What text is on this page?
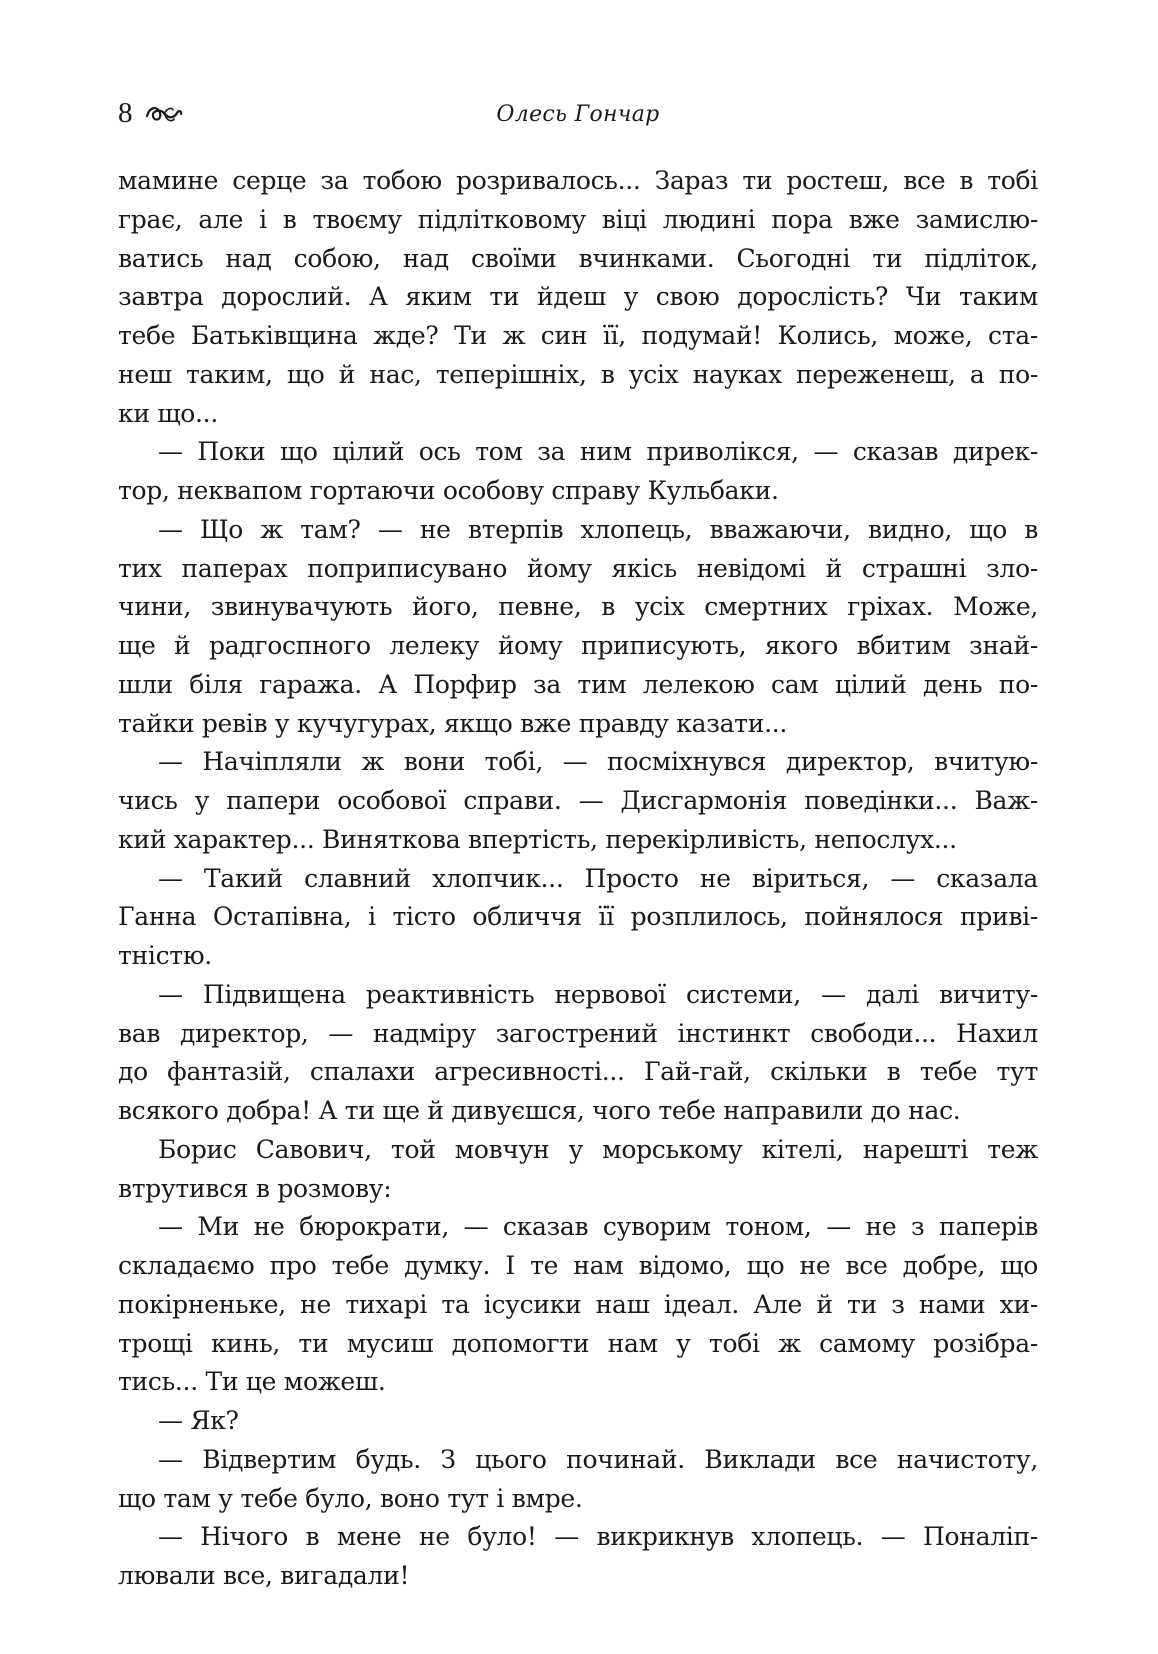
8	Олесь Гончар
мамине серце за тобою розривалось... Зараз ти ростеш, все в тобі
грає, але і в твоєму підлітковому віці людині пора вже замислю-
ватись над собою, над своїми вчинками. Сьогодні ти підліток,
завтра дорослий. А яким ти йдеш у свою дорослість? Чи таким
тебе Батьківщина жде? Ти ж син її, подумай! Колись, може, ста-
неш таким, що й нас, теперішніх, в усіх науках переженеш, а по-
ки що...
— Поки що цілий ось том за ним приволікся, — сказав дирек-
тор, неквапом гортаючи особову справу Кульбаки.
— Що ж там? — не втерпів хлопець, вважаючи, видно, що в
тих паперах поприписувано йому якісь невідомі й страшні зло-
чини, звинувачують його, певне, в усіх смертних гріхах. Може,
ще й радгоспного лелеку йому приписують, якого вбитим знай-
шли біля гаража. А Порфир за тим лелекою сам цілий день по-
тайки ревів у кучугурах, якщо вже правду казати...
— Начіпляли ж вони тобі, — посміхнувся директор, вчитую-
чись у папери особової справи. — Дисгармонія поведінки... Важ-
кий характер... Виняткова впертість, перекірливість, непослух...
— Такий славний хлопчик... Просто не віриться, — сказала
Ганна Остапівна, і тісто обличчя її розплилось, пойнялося приві-
тністю.
— Підвищена реактивність нервової системи, — далі вичиту-
вав директор, — надміру загострений інстинкт свободи... Нахил
до фантазій, спалахи агресивності... Гай-гай, скільки в тебе тут
всякого добра! А ти ще й дивуєшся, чого тебе направили до нас.
Борис Савович, той мовчун у морському кітелі, нарешті теж
втрутився в розмову:
— Ми не бюрократи, — сказав суворим тоном, — не з паперів
складаємо про тебе думку. І те нам відомо, що не все добре, що
покірненьке, не тихарі та ісусики наш ідеал. Але й ти з нами хи-
трощі кинь, ти мусиш допомогти нам у тобі ж самому розібра-
тись... Ти це можеш.
— Як?
— Відвертим будь. З цього починай. Виклади все начистоту,
що там у тебе було, воно тут і вмре.
— Нічого в мене не було! — викрикнув хлопець. — Поналіп-
лювали все, вигадали!
